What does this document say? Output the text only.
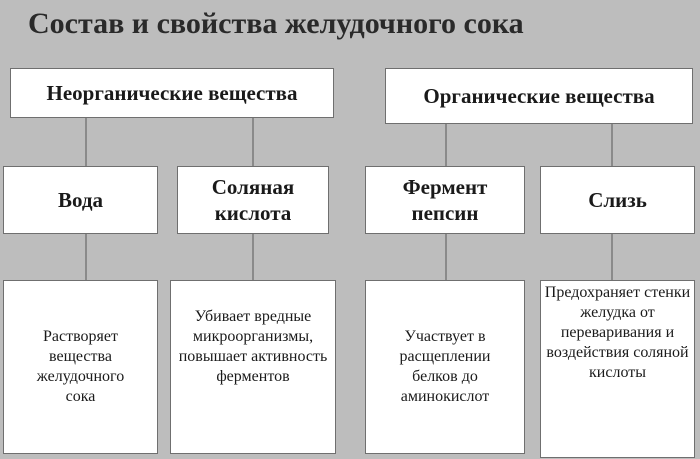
Состав и свойства желудочного сока
Неорганические вещества	Органические вещества
Вода
Соляная кислота
Фермент пепсин
Слизь
Растворяет вещества желудочного сока
Убивает вредные микроорганизмы, повышает активность ферментов
Участвует в расщеплении белков до аминокислот
Предохраняет стенки желудка от переваривания и воздействия соляной кислоты
